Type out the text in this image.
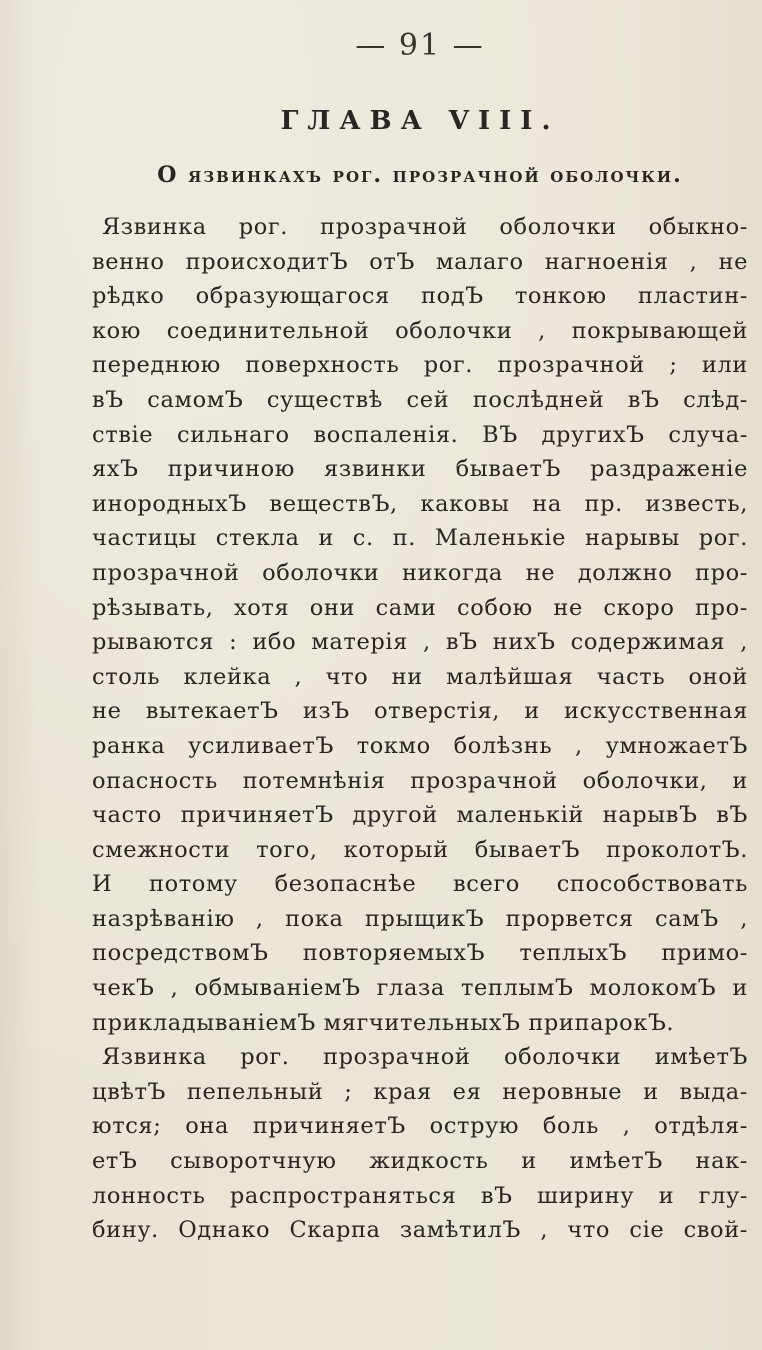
— 91 —
ГЛАВА VIII.
О язвинкахъ рог. прозрачной оболочки.
Язвинка рог. прозрачной оболочки обыкно-
венно происходитЪ отЪ малаго нагноенія , не
рѣдко образующагося подЪ тонкою пластин-
кою соединительной оболочки , покрывающей
переднюю поверхность рог. прозрачной ; или
вЪ самомЪ существѣ сей послѣдней вЪ слѣд-
ствіе сильнаго воспаленія. ВЪ другихЪ случа-
яхЪ причиною язвинки бываетЪ раздраженіе
инородныхЪ веществЪ, каковы на пр. известь,
частицы стекла и с. п. Маленькіе нарывы рог.
прозрачной оболочки никогда не должно про-
рѣзывать, хотя они сами собою не скоро про-
рываются : ибо матерія , вЪ нихЪ содержимая ,
столь клейка , что ни малѣйшая часть оной
не вытекаетЪ изЪ отверстія, и искусственная
ранка усиливаетЪ токмо болѣзнь , умножаетЪ
опасность потемнѣнія прозрачной оболочки, и
часто причиняетЪ другой маленькій нарывЪ вЪ
смежности того, который бываетЪ проколотЪ.
И потому безопаснѣе всего способствовать
назрѣванію , пока прыщикЪ прорвется самЪ ,
посредствомЪ повторяемыхЪ теплыхЪ примо-
чекЪ , обмываніемЪ глаза теплымЪ молокомЪ и
прикладываніемЪ мягчительныхЪ припарокЪ.
Язвинка рог. прозрачной оболочки имѣетЪ
цвѣтЪ пепельный ; края ея неровные и выда-
ются; она причиняетЪ острую боль , отдѣля-
етЪ сыворотчную жидкость и имѣетЪ нак-
лонность распространяться вЪ ширину и глу-
бину. Однако Скарпа замѣтилЪ , что сіе свой-
